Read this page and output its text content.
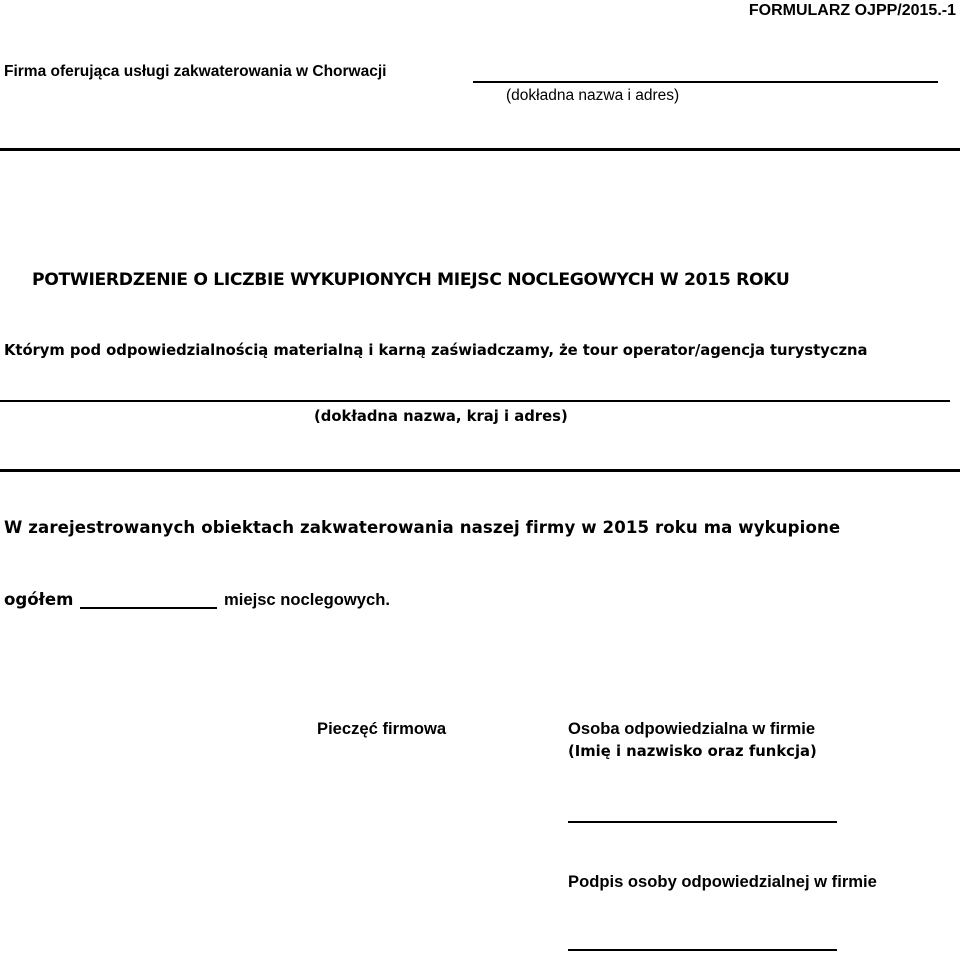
FORMULARZ OJPP/2015.-1
Firma oferująca usługi zakwaterowania w Chorwacji
(dokładna nazwa i adres)
POTWIERDZENIE O LICZBIE WYKUPIONYCH MIEJSC NOCLEGOWYCH W 2015 ROKU
Którym pod odpowiedzialnością materialną i karną zaświadczamy, że tour operator/agencja turystyczna
(dokładna nazwa, kraj i adres)
W zarejestrowanych obiektach zakwaterowania naszej firmy w 2015 roku ma wykupione
ogółem	miejsc noclegowych.
Pieczęć firmowa	Osoba odpowiedzialna w firmie
(Imię i nazwisko oraz funkcja)
Podpis osoby odpowiedzialnej w firmie
